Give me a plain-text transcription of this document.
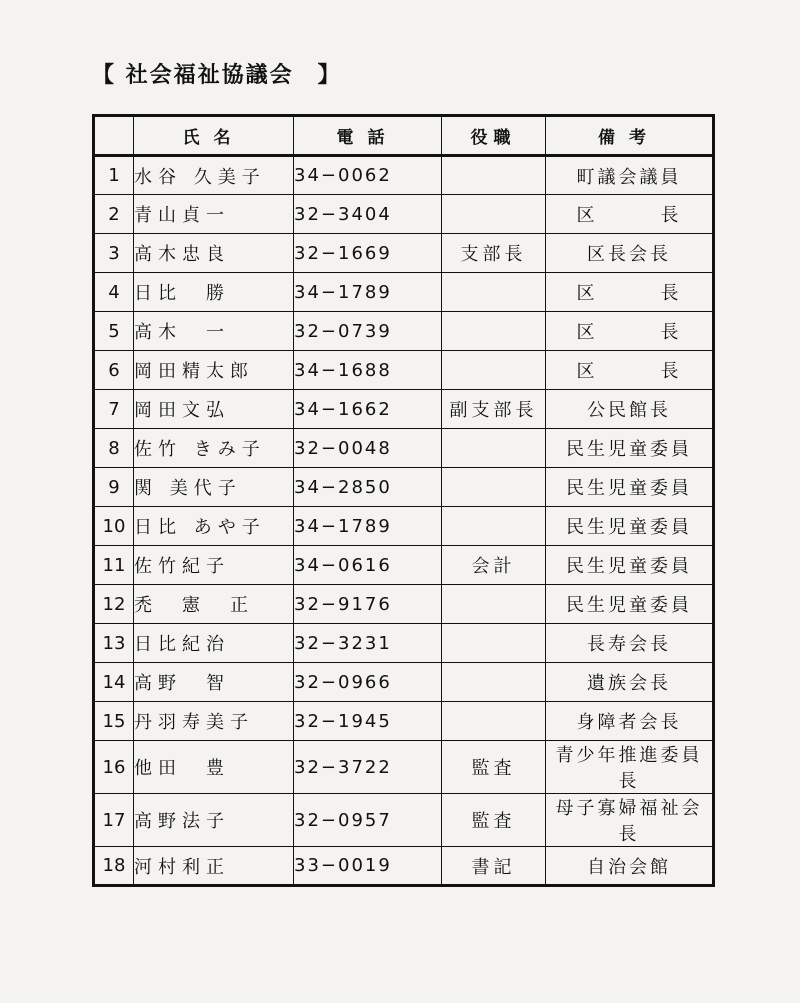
【 社会福祉協議会　】
	氏名	電話	役職	備考
1	水谷 久美子	34−0062		町議会議員
2	青山貞一	32−3404		区　　　長
3	高木忠良	32−1669	支部長	区長会長
4	日比　勝	34−1789		区　　　長
5	高木　一	32−0739		区　　　長
6	岡田精太郎	34−1688		区　　　長
7	岡田文弘	34−1662	副支部長	公民館長
8	佐竹 きみ子	32−0048		民生児童委員
9	関 美代子	34−2850		民生児童委員
10	日比 あや子	34−1789		民生児童委員
11	佐竹紀子	34−0616	会計	民生児童委員
12	禿　憲　正	32−9176		民生児童委員
13	日比紀治	32−3231		長寿会長
14	高野　智	32−0966		遺族会長
15	丹羽寿美子	32−1945		身障者会長
16	他田　豊	32−3722	監査	青少年推進委員長
17	高野法子	32−0957	監査	母子寡婦福祉会長
18	河村利正	33−0019	書記	自治会館
